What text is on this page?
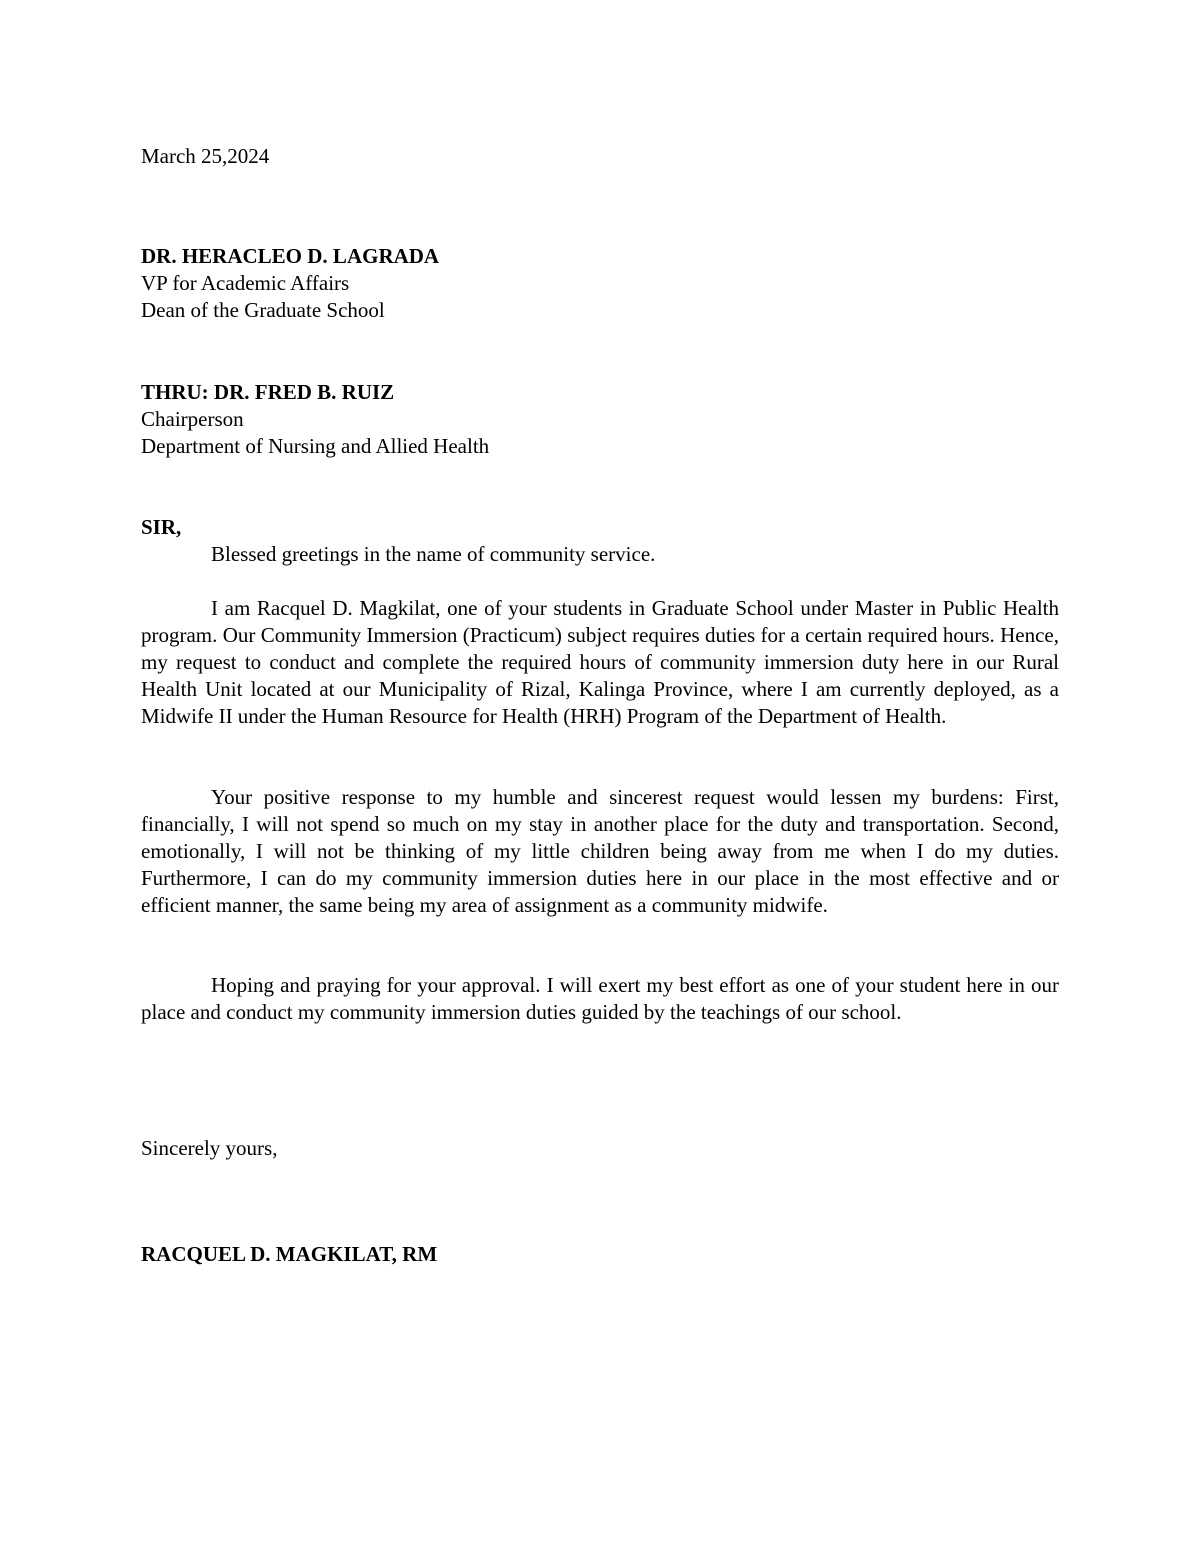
March 25,2024

DR. HERACLEO D. LAGRADA
VP for Academic Affairs
Dean of the Graduate School
THRU: DR. FRED B. RUIZ
Chairperson
Department of Nursing and Allied Health
SIR,
Blessed greetings in the name of community service.

I am Racquel D. Magkilat, one of your students in Graduate School under Master in Public Health program. Our Community Immersion (Practicum) subject requires duties for a certain required hours. Hence, my request to conduct and complete the required hours of community immersion duty here in our Rural Health Unit located at our Municipality of Rizal, Kalinga Province, where I am currently deployed, as a Midwife II under the Human Resource for Health (HRH) Program of the Department of Health.

Your positive response to my humble and sincerest request would lessen my burdens: First, financially, I will not spend so much on my stay in another place for the duty and transportation. Second, emotionally, I will not be thinking of my little children being away from me when I do my duties. Furthermore, I can do my community immersion duties here in our place in the most effective and or efficient manner, the same being my area of assignment as a community midwife.

Hoping and praying for your approval. I will exert my best effort as one of your student here in our place and conduct my community immersion duties guided by the teachings of our school.

Sincerely yours,

RACQUEL D. MAGKILAT, RM
